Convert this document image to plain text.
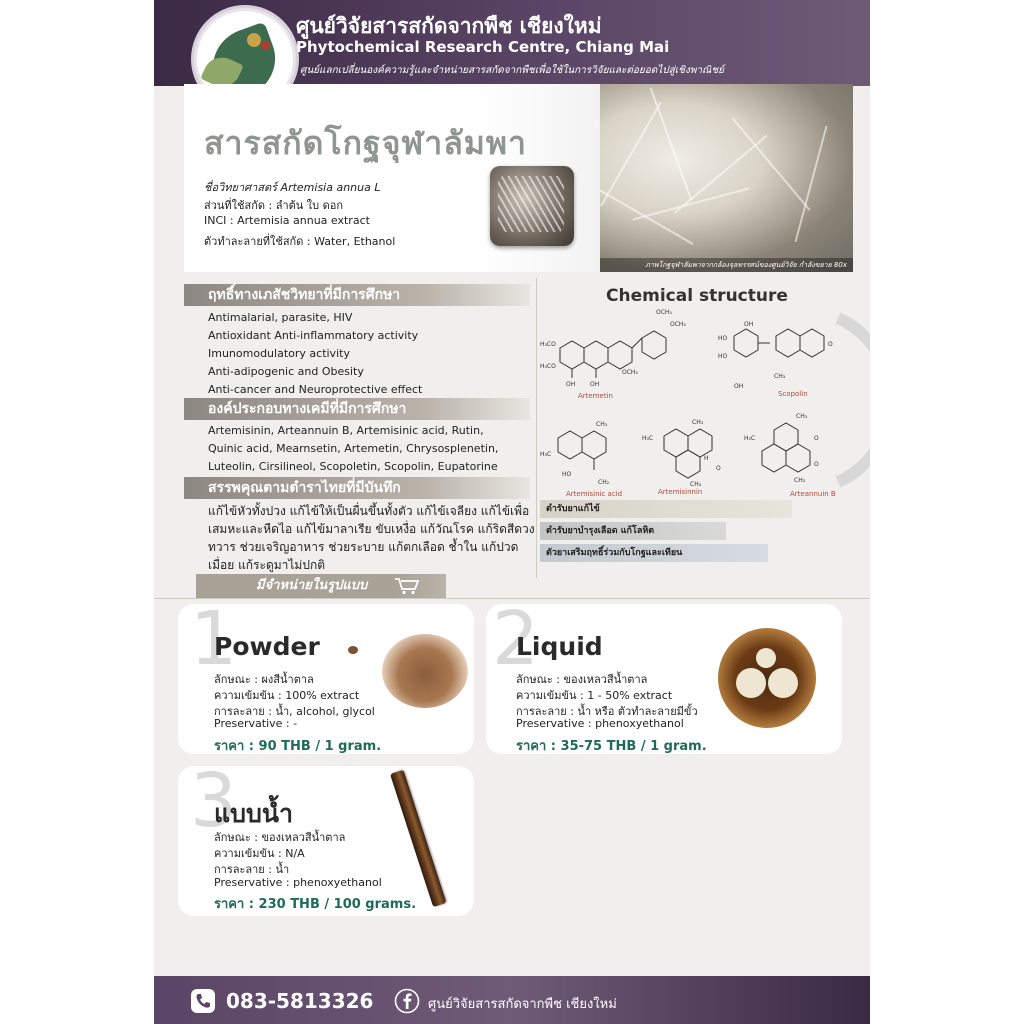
ศูนย์วิจัยสารสกัดจากพืช เชียงใหม่
Phytochemical Research Centre, Chiang Mai
ศูนย์แลกเปลี่ยนองค์ความรู้และจำหน่ายสารสกัดจากพืชเพื่อใช้ในการวิจัยและต่อยอดไปสู่เชิงพาณิชย์
สารสกัดโกฐจุฬาลัมพา
ชื่อวิทยาศาสตร์ Artemisia annua L
ส่วนที่ใช้สกัด : ลำต้น ใบ ดอก
INCI : Artemisia annua extract
ตัวทำละลายที่ใช้สกัด : Water, Ethanol
ภาพโกฐจุฬาลัมพาจากกล้องจุลทรรศน์ของศูนย์วิจัย กำลังขยาย 80x
ฤทธิ์ทางเภสัชวิทยาที่มีการศึกษา
Antimalarial, parasite, HIV
Antioxidant Anti-inflammatory activity
Imunomodulatory activity
Anti-adipogenic and Obesity
Anti-cancer and Neuroprotective effect
องค์ประกอบทางเคมีที่มีการศึกษา
Artemisinin, Arteannuin B, Artemisinic acid, Rutin,
Quinic acid, Mearnsetin, Artemetin, Chrysosplenetin,
Luteolin, Cirsilineol, Scopoletin, Scopolin, Eupatorine
สรรพคุณตามตำราไทยที่มีบันทึก
แก้ไข้หัวทั้งปวง แก้ไข้ให้เป็นผื่นขึ้นทั้งตัว แก้ไข้เจลียง แก้ไข้เพื่อ
เสมหะและหืดไอ แก้ไข้มาลาเรีย ขับเหงื่อ แก้วัณโรค แก้ริดสีดวง
ทวาร ช่วยเจริญอาหาร ช่วยระบาย แก้ตกเลือด ช้ำใน แก้ปวด
เมื่อย แก้ระดูมาไม่ปกติ
Chemical structure
OCH₃
OCH₃
H₃CO
H₃CO
OCH₃
OH OH
Artemetin
OH
HO
HO
OH
CH₃
O
Scopolin
CH₃
H₃C
HO
CH₂
Artemisinic acid
CH₃
H₃C
H
O
CH₃
Artemisinnin
CH₃
H₃C	O
O
CH₂
Arteannuin B
ตำรับยาแก้ไข้
ตำรับยาบำรุงเลือด แก้โลหิต
ตัวยาเสริมฤทธิ์ร่วมกับโกฐและเทียน
มีจำหน่ายในรูปแบบ
1
Powder
ลักษณะ : ผงสีน้ำตาล
ความเข้มข้น : 100% extract
การละลาย : น้ำ, alcohol, glycol
Preservative : -
ราคา : 90 THB / 1 gram.
2
Liquid
ลักษณะ : ของเหลวสีน้ำตาล
ความเข้มข้น : 1 - 50% extract
การละลาย : น้ำ หรือ ตัวทำละลายมีขั้ว
Preservative : phenoxyethanol
ราคา : 35-75 THB / 1 gram.
3
แบบน้ำ
ลักษณะ : ของเหลวสีน้ำตาล
ความเข้มข้น : N/A
การละลาย : น้ำ
Preservative : phenoxyethanol
ราคา : 230 THB / 100 grams.
083-5813326	ศูนย์วิจัยสารสกัดจากพืช เชียงใหม่
